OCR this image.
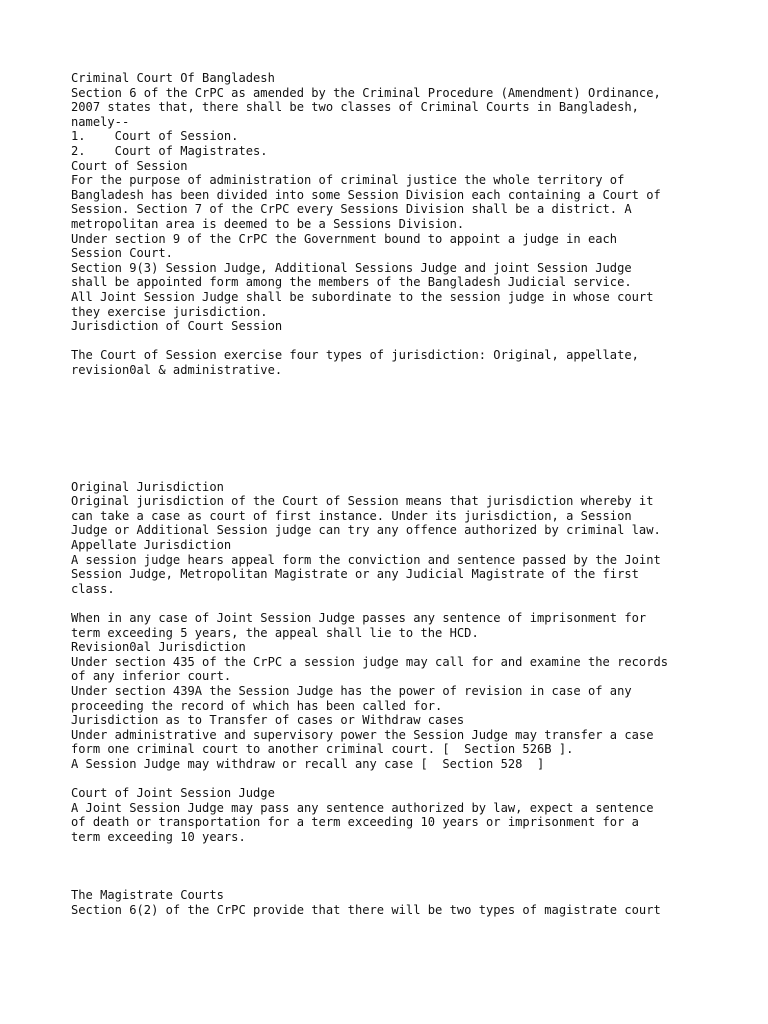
Criminal Court Of Bangladesh
Section 6 of the CrPC as amended by the Criminal Procedure (Amendment) Ordinance,
2007 states that, there shall be two classes of Criminal Courts in Bangladesh,
namely--
1.    Court of Session.
2.    Court of Magistrates.
Court of Session
For the purpose of administration of criminal justice the whole territory of
Bangladesh has been divided into some Session Division each containing a Court of
Session. Section 7 of the CrPC every Sessions Division shall be a district. A
metropolitan area is deemed to be a Sessions Division.
Under section 9 of the CrPC the Government bound to appoint a judge in each
Session Court.
Section 9(3) Session Judge, Additional Sessions Judge and joint Session Judge
shall be appointed form among the members of the Bangladesh Judicial service.
All Joint Session Judge shall be subordinate to the session judge in whose court
they exercise jurisdiction.
Jurisdiction of Court Session
The Court of Session exercise four types of jurisdiction: Original, appellate,
revision0al & administrative.
Original Jurisdiction
Original jurisdiction of the Court of Session means that jurisdiction whereby it
can take a case as court of first instance. Under its jurisdiction, a Session
Judge or Additional Session judge can try any offence authorized by criminal law.
Appellate Jurisdiction
A session judge hears appeal form the conviction and sentence passed by the Joint
Session Judge, Metropolitan Magistrate or any Judicial Magistrate of the first
class.
When in any case of Joint Session Judge passes any sentence of imprisonment for
term exceeding 5 years, the appeal shall lie to the HCD.
Revision0al Jurisdiction
Under section 435 of the CrPC a session judge may call for and examine the records
of any inferior court.
Under section 439A the Session Judge has the power of revision in case of any
proceeding the record of which has been called for.
Jurisdiction as to Transfer of cases or Withdraw cases
Under administrative and supervisory power the Session Judge may transfer a case
form one criminal court to another criminal court. [  Section 526B ].
A Session Judge may withdraw or recall any case [  Section 528  ]
Court of Joint Session Judge
A Joint Session Judge may pass any sentence authorized by law, expect a sentence
of death or transportation for a term exceeding 10 years or imprisonment for a
term exceeding 10 years.
The Magistrate Courts
Section 6(2) of the CrPC provide that there will be two types of magistrate court
